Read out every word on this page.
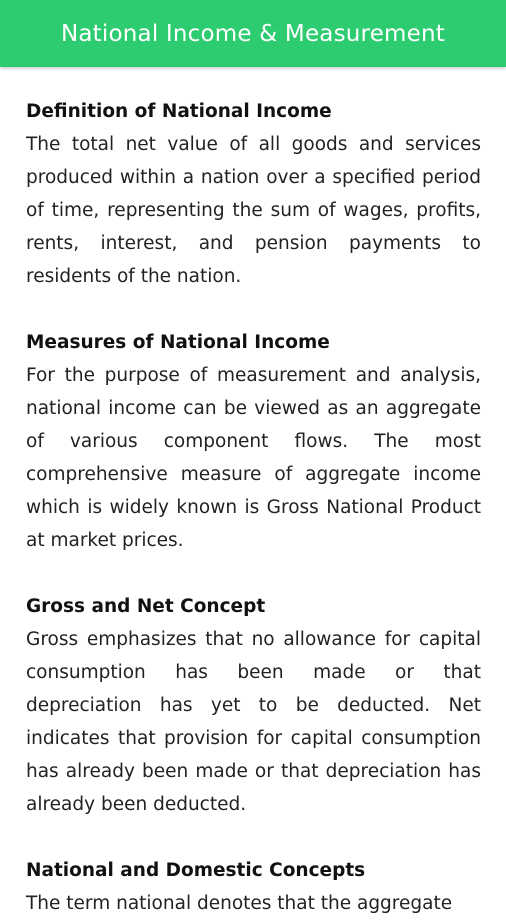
National Income & Measurement
Definition of National Income

The total net value of all goods and services produced within a nation over a specified period of time, representing the sum of wages, profits, rents, interest, and pension payments to residents of the nation.

Measures of National Income

For the purpose of measurement and analysis, national income can be viewed as an aggregate of various component flows. The most comprehensive measure of aggregate income which is widely known is Gross National Product at market prices.

Gross and Net Concept

Gross emphasizes that no allowance for capital consumption has been made or that depreciation has yet to be deducted. Net indicates that provision for capital consumption has already been made or that depreciation has already been deducted.

National and Domestic Concepts

The term national denotes that the aggregate
